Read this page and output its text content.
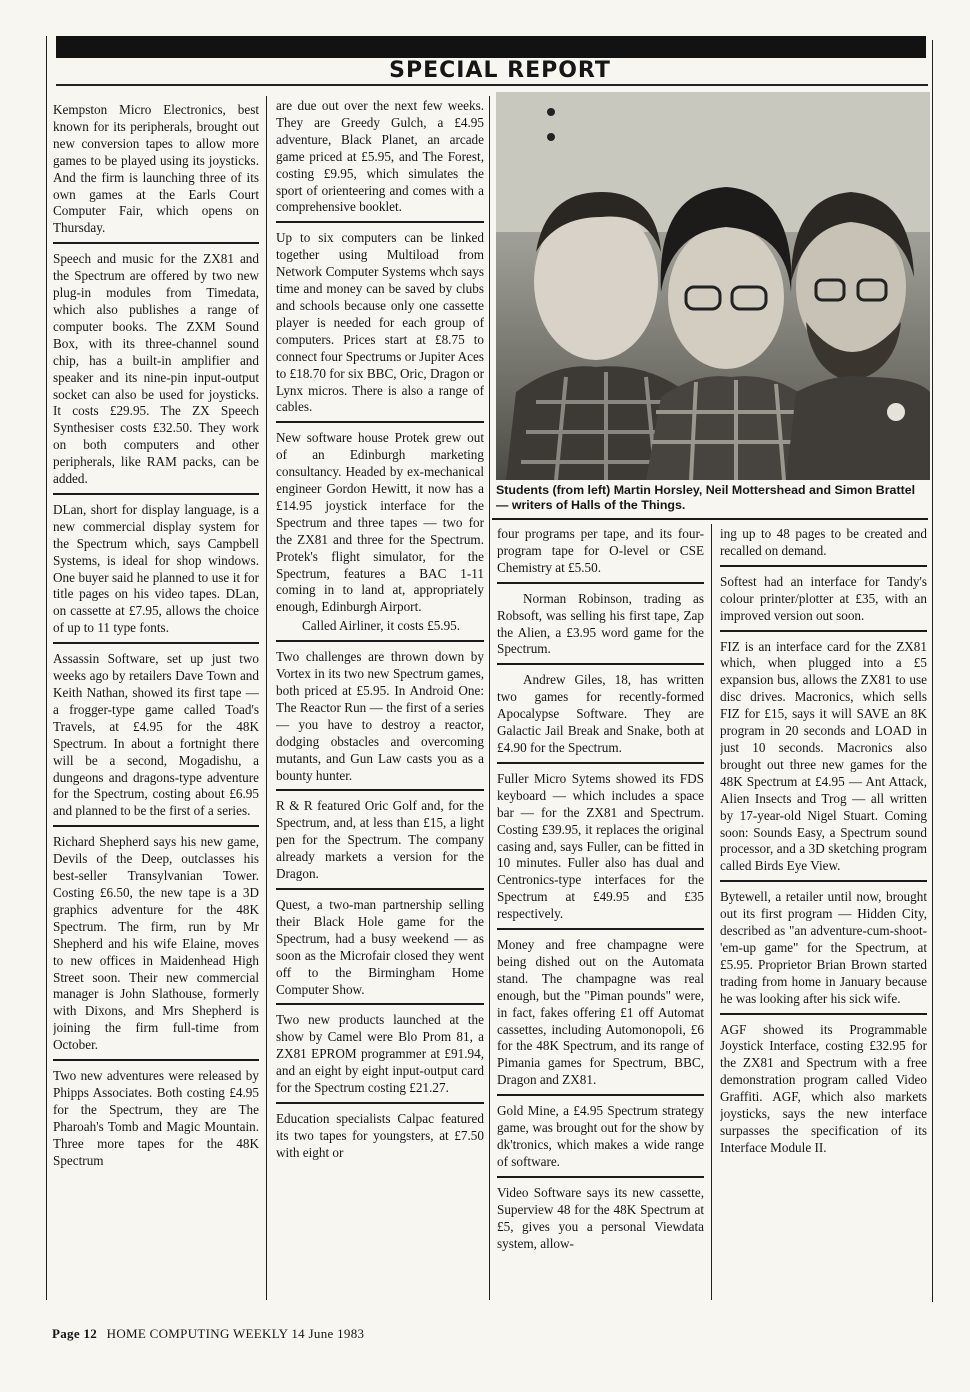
SPECIAL REPORT

Kempston Micro Electronics, best known for its peripherals, brought out new conversion tapes to allow more games to be played using its joysticks. And the firm is launching three of its own games at the Earls Court Computer Fair, which opens on Thursday.

Speech and music for the ZX81 and the Spectrum are offered by two new plug-in modules from Timedata, which also publishes a range of computer books. The ZXM Sound Box, with its three-channel sound chip, has a built-in amplifier and speaker and its nine-pin input-output socket can also be used for joysticks. It costs £29.95. The ZX Speech Synthesiser costs £32.50. They work on both computers and other peripherals, like RAM packs, can be added.

DLan, short for display language, is a new commercial display system for the Spectrum which, says Campbell Systems, is ideal for shop windows. One buyer said he planned to use it for title pages on his video tapes. DLan, on cassette at £7.95, allows the choice of up to 11 type fonts.

Assassin Software, set up just two weeks ago by retailers Dave Town and Keith Nathan, showed its first tape — a frogger-type game called Toad's Travels, at £4.95 for the 48K Spectrum. In about a fortnight there will be a second, Mogadishu, a dungeons and dragons-type adventure for the Spectrum, costing about £6.95 and planned to be the first of a series.

Richard Shepherd says his new game, Devils of the Deep, outclasses his best-seller Transylvanian Tower. Costing £6.50, the new tape is a 3D graphics adventure for the 48K Spectrum. The firm, run by Mr Shepherd and his wife Elaine, moves to new offices in Maidenhead High Street soon. Their new commercial manager is John Slathouse, formerly with Dixons, and Mrs Shepherd is joining the firm full-time from October.

Two new adventures were released by Phipps Associates. Both costing £4.95 for the Spectrum, they are The Pharoah's Tomb and Magic Mountain. Three more tapes for the 48K Spectrum

are due out over the next few weeks. They are Greedy Gulch, a £4.95 adventure, Black Planet, an arcade game priced at £5.95, and The Forest, costing £9.95, which simulates the sport of orienteering and comes with a comprehensive booklet.

Up to six computers can be linked together using Multiload from Network Computer Systems whch says time and money can be saved by clubs and schools because only one cassette player is needed for each group of computers. Prices start at £8.75 to connect four Spectrums or Jupiter Aces to £18.70 for six BBC, Oric, Dragon or Lynx micros. There is also a range of cables.

New software house Protek grew out of an Edinburgh marketing consultancy. Headed by ex-mechanical engineer Gordon Hewitt, it now has a £14.95 joystick interface for the Spectrum and three tapes — two for the ZX81 and three for the Spectrum. Protek's flight simulator, for the Spectrum, features a BAC 1-11 coming in to land at, appropriately enough, Edinburgh Airport.

Called Airliner, it costs £5.95.

Two challenges are thrown down by Vortex in its two new Spectrum games, both priced at £5.95. In Android One: The Reactor Run — the first of a series — you have to destroy a reactor, dodging obstacles and overcoming mutants, and Gun Law casts you as a bounty hunter.

R & R featured Oric Golf and, for the Spectrum, and, at less than £15, a light pen for the Spectrum. The company already markets a version for the Dragon.

Quest, a two-man partnership selling their Black Hole game for the Spectrum, had a busy weekend — as soon as the Microfair closed they went off to the Birmingham Home Computer Show.

Two new products launched at the show by Camel were Blo Prom 81, a ZX81 EPROM programmer at £91.94, and an eight by eight input-output card for the Spectrum costing £21.27.

Education specialists Calpac featured its two tapes for youngsters, at £7.50 with eight or

Students (from left) Martin Horsley, Neil Mottershead and Simon Brattel — writers of Halls of the Things.

four programs per tape, and its four-program tape for O-level or CSE Chemistry at £5.50.

Norman Robinson, trading as Robsoft, was selling his first tape, Zap the Alien, a £3.95 word game for the Spectrum.

Andrew Giles, 18, has written two games for recently-formed Apocalypse Software. They are Galactic Jail Break and Snake, both at £4.90 for the Spectrum.

Fuller Micro Sytems showed its FDS keyboard — which includes a space bar — for the ZX81 and Spectrum. Costing £39.95, it replaces the original casing and, says Fuller, can be fitted in 10 minutes. Fuller also has dual and Centronics-type interfaces for the Spectrum at £49.95 and £35 respectively.

Money and free champagne were being dished out on the Automata stand. The champagne was real enough, but the "Piman pounds" were, in fact, fakes offering £1 off Automat cassettes, including Automonopoli, £6 for the 48K Spectrum, and its range of Pimania games for Spectrum, BBC, Dragon and ZX81.

Gold Mine, a £4.95 Spectrum strategy game, was brought out for the show by dk'tronics, which makes a wide range of software.

Video Software says its new cassette, Superview 48 for the 48K Spectrum at £5, gives you a personal Viewdata system, allow-

ing up to 48 pages to be created and recalled on demand.

Softest had an interface for Tandy's colour printer/plotter at £35, with an improved version out soon.

FIZ is an interface card for the ZX81 which, when plugged into a £5 expansion bus, allows the ZX81 to use disc drives. Macronics, which sells FIZ for £15, says it will SAVE an 8K program in 20 seconds and LOAD in just 10 seconds. Macronics also brought out three new games for the 48K Spectrum at £4.95 — Ant Attack, Alien Insects and Trog — all written by 17-year-old Nigel Stuart. Coming soon: Sounds Easy, a Spectrum sound processor, and a 3D sketching program called Birds Eye View.

Bytewell, a retailer until now, brought out its first program — Hidden City, described as "an adventure-cum-shoot-'em-up game" for the Spectrum, at £5.95. Proprietor Brian Brown started trading from home in January because he was looking after his sick wife.

AGF showed its Programmable Joystick Interface, costing £32.95 for the ZX81 and Spectrum with a free demonstration program called Video Graffiti. AGF, which also markets joysticks, says the new interface surpasses the specification of its Interface Module II.

Page 12 HOME COMPUTING WEEKLY 14 June 1983
